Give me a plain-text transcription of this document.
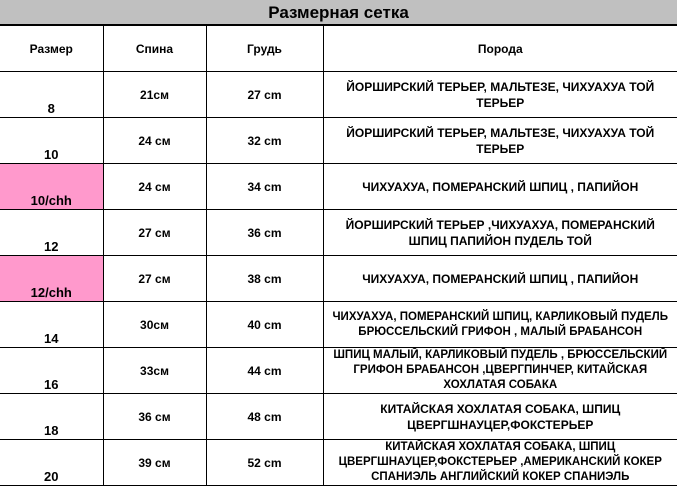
Размерная сетка
Размер	Спина	Грудь	Порода
8	21см	27 cm	ЙОРШИРСКИЙ ТЕРЬЕР, МАЛЬТЕЗЕ, ЧИХУАХУА ТОЙ ТЕРЬЕР
10	24 см	32 cm	ЙОРШИРСКИЙ ТЕРЬЕР, МАЛЬТЕЗЕ, ЧИХУАХУА ТОЙ ТЕРЬЕР
10/chh	24 см	34 cm	ЧИХУАХУА, ПОМЕРАНСКИЙ ШПИЦ , ПАПИЙОН
12	27 см	36 cm	ЙОРШИРСКИЙ ТЕРЬЕР ,ЧИХУАХУА, ПОМЕРАНСКИЙ ШПИЦ ПАПИЙОН ПУДЕЛЬ ТОЙ
12/chh	27 см	38 cm	ЧИХУАХУА, ПОМЕРАНСКИЙ ШПИЦ , ПАПИЙОН
14	30см	40 cm	ЧИХУАХУА, ПОМЕРАНСКИЙ ШПИЦ, КАРЛИКОВЫЙ ПУДЕЛЬ БРЮССЕЛЬСКИЙ ГРИФОН , МАЛЫЙ БРАБАНСОН
16	33см	44 cm	ШПИЦ МАЛЫЙ, КАРЛИКОВЫЙ ПУДЕЛЬ , БРЮССЕЛЬСКИЙ ГРИФОН БРАБАНСОН ,ЦВЕРГПИНЧЕР, КИТАЙСКАЯ ХОХЛАТАЯ СОБАКА
18	36 см	48 cm	КИТАЙСКАЯ ХОХЛАТАЯ СОБАКА, ШПИЦ ЦВЕРГШНАУЦЕР,ФОКСТЕРЬЕР
20	39 см	52 cm	КИТАЙСКАЯ ХОХЛАТАЯ СОБАКА, ШПИЦ ЦВЕРГШНАУЦЕР,ФОКСТЕРЬЕР ,АМЕРИКАНСКИЙ КОКЕР СПАНИЭЛЬ АНГЛИЙСКИЙ КОКЕР СПАНИЭЛЬ
